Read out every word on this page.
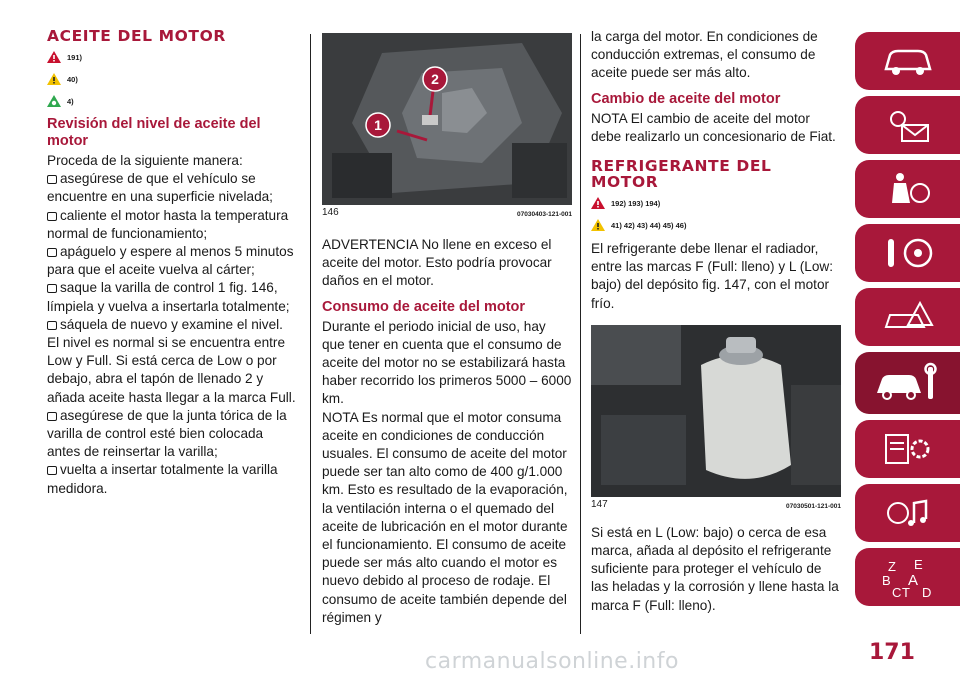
ACEITE DEL MOTOR
191)
40)
4)
Revisión del nivel de aceite del motor

Proceda de la siguiente manera:

asegúrese de que el vehículo se encuentre en una superficie nivelada;

caliente el motor hasta la temperatura normal de funcionamiento;

apáguelo y espere al menos 5 minutos para que el aceite vuelva al cárter;

saque la varilla de control 1 fig. 146, límpiela y vuelva a insertarla totalmente;

sáquela de nuevo y examine el nivel.

El nivel es normal si se encuentra entre Low y Full. Si está cerca de Low o por debajo, abra el tapón de llenado 2 y añada aceite hasta llegar a la marca Full.

asegúrese de que la junta tórica de la varilla de control esté bien colocada antes de reinsertar la varilla;

vuelta a insertar totalmente la varilla medidora.

1
2
146	07030403-121-001

ADVERTENCIA No llene en exceso el aceite del motor. Esto podría provocar daños en el motor.

Consumo de aceite del motor

Durante el periodo inicial de uso, hay que tener en cuenta que el consumo de aceite del motor no se estabilizará hasta haber recorrido los primeros 5000 – 6000 km.

NOTA Es normal que el motor consuma aceite en condiciones de conducción usuales. El consumo de aceite del motor puede ser tan alto como de 400 g/1.000 km. Esto es resultado de la evaporación, la ventilación interna o el quemado del aceite de lubricación en el motor durante el funcionamiento. El consumo de aceite puede ser más alto cuando el motor es nuevo debido al proceso de rodaje. El consumo de aceite también depende del régimen y

la carga del motor. En condiciones de conducción extremas, el consumo de aceite puede ser más alto.

Cambio de aceite del motor

NOTA El cambio de aceite del motor debe realizarlo un concesionario de Fiat.

REFRIGERANTE DEL MOTOR
192) 193) 194)
41) 42) 43) 44) 45) 46)

El refrigerante debe llenar el radiador, entre las marcas F (Full: lleno) y L (Low: bajo) del depósito fig. 147, con el motor frío.

147	07030501-121-001

Si está en L (Low: bajo) o cerca de esa marca, añada al depósito el refrigerante suficiente para proteger el vehículo de las heladas y la corrosión y llene hasta la marca F (Full: lleno).

Z E
B A
C T D
carmanualsonline.info	171
